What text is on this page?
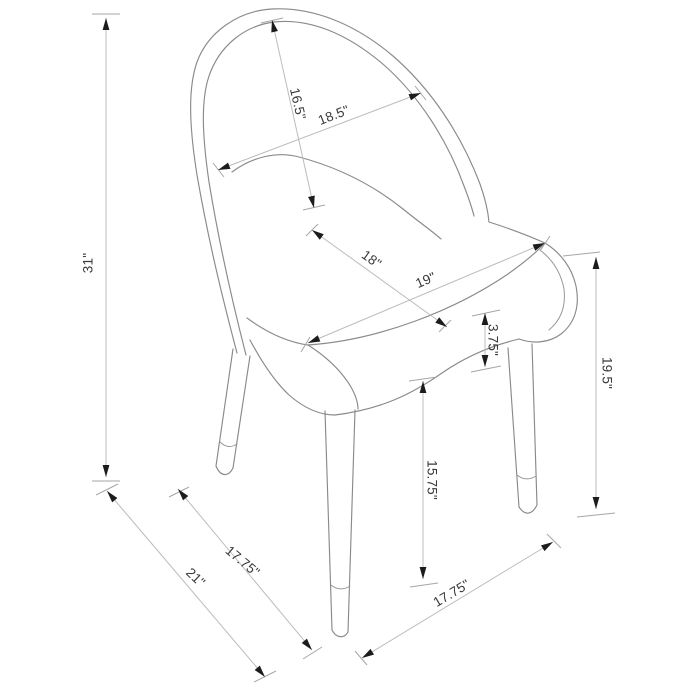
31"
16.5" 18.5"
18"
19"
3.75"
19.5"
15.75"
21" 17.75"
17.75"
